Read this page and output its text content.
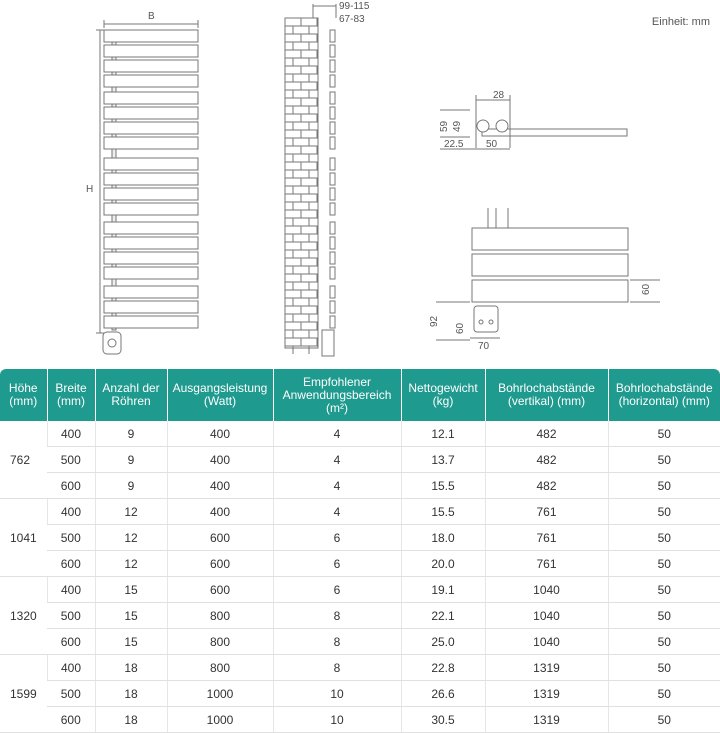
Einheit: mm
B
H
99-115
67-83
28
59 49
22.5 50
60
92
60
70
Höhe (mm)	Breite (mm)	Anzahl der Röhren	Ausgangsleistung (Watt)	Empfohlener Anwendungsbereich (m²)	Nettogewicht (kg)	Bohrlochabstände (vertikal) (mm)	Bohrlochabstände (horizontal) (mm)
762	400	9	400	4	12.1	482	50
	500	9	400	4	13.7	482	50
	600	9	400	4	15.5	482	50
1041	400	12	400	4	15.5	761	50
	500	12	600	6	18.0	761	50
	600	12	600	6	20.0	761	50
1320	400	15	600	6	19.1	1040	50
	500	15	800	8	22.1	1040	50
	600	15	800	8	25.0	1040	50
1599	400	18	800	8	22.8	1319	50
	500	18	1000	10	26.6	1319	50
	600	18	1000	10	30.5	1319	50
